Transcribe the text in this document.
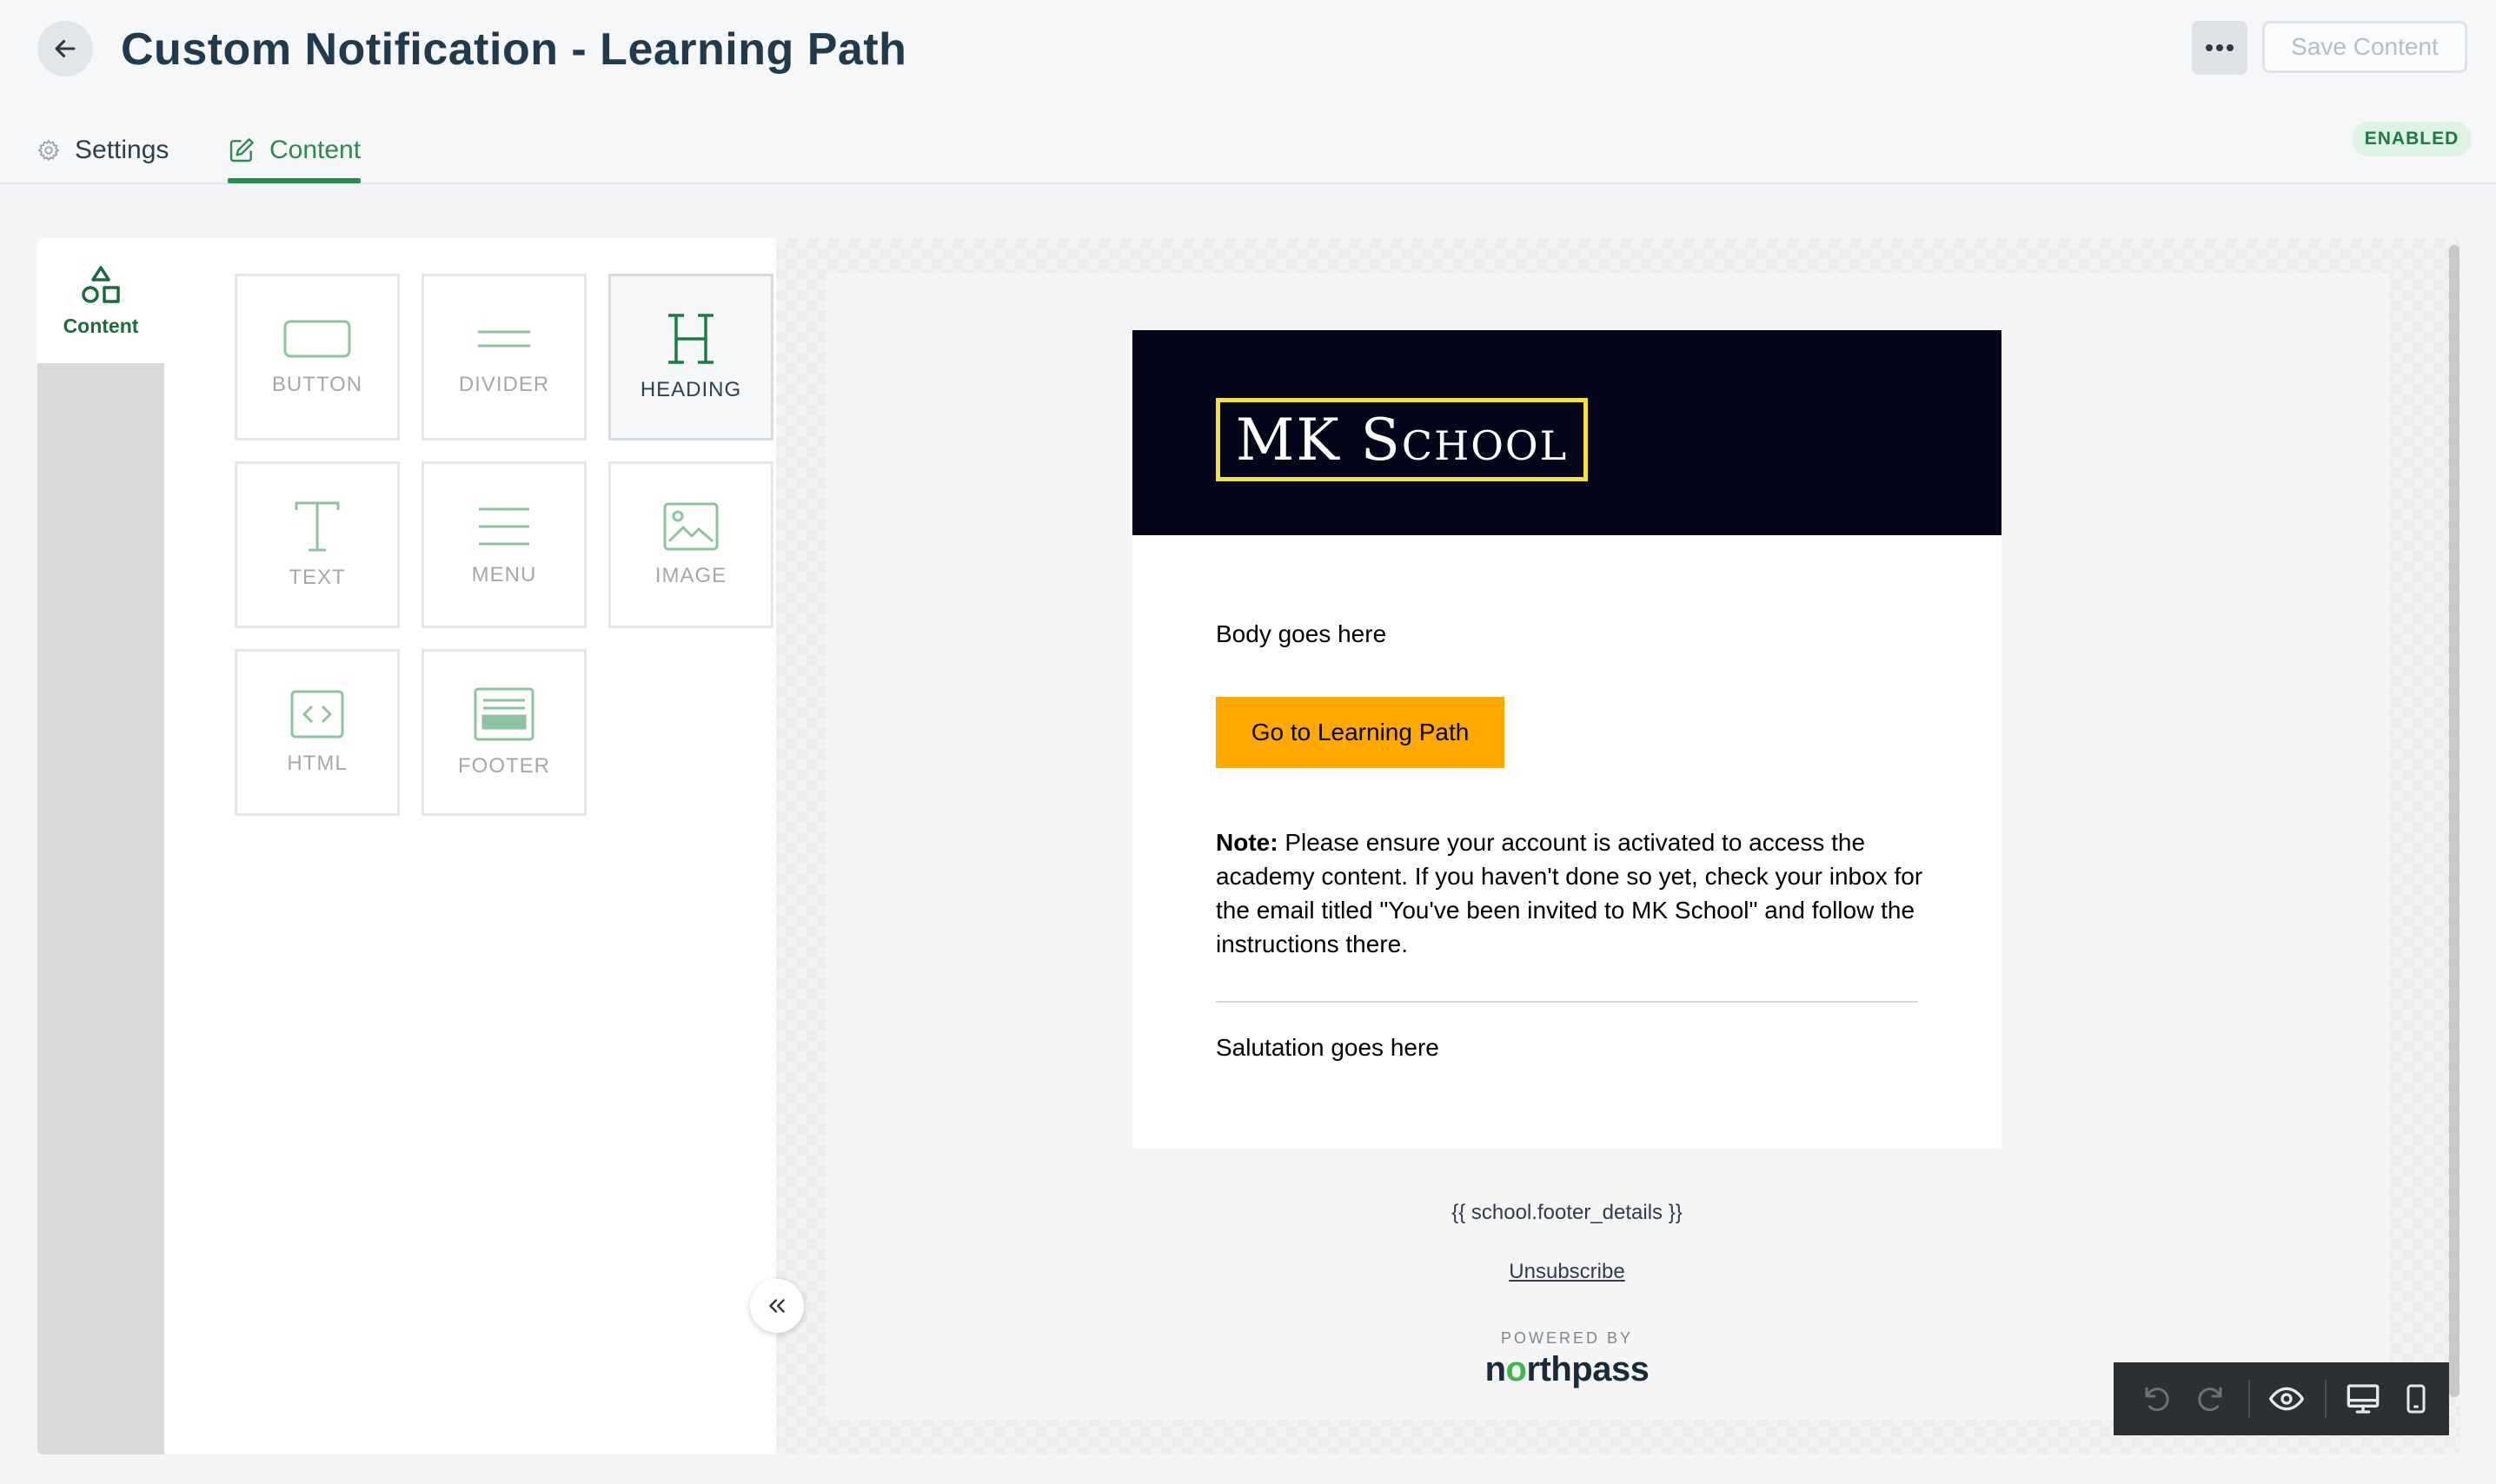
Custom Notification - Learning Path	Save Content
Settings	Content	ENABLED
Content
BUTTON	DIVIDER	HEADING
TEXT	MENU	IMAGE
HTML	FOOTER
MK School
Body goes here
Go to Learning Path
Note: Please ensure your account is activated to access the academy content. If you haven't done so yet, check your inbox for the email titled "You've been invited to MK School" and follow the instructions there.
Salutation goes here
{{ school.footer_details }}
Unsubscribe
POWERED BY
northpass
